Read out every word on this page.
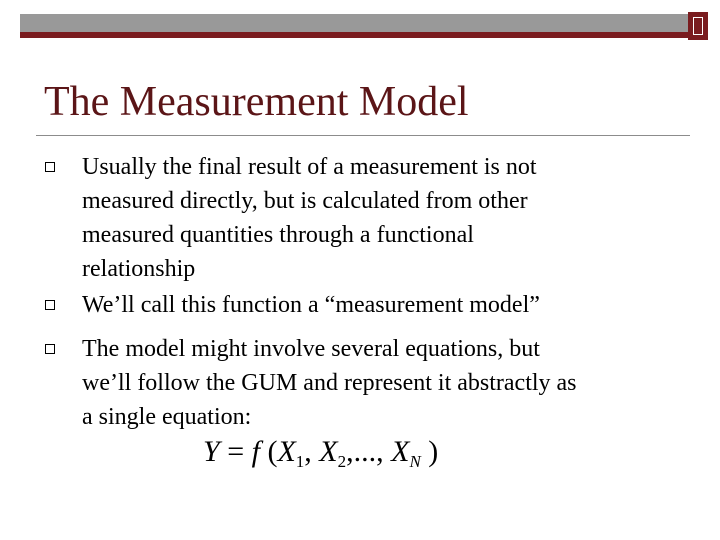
The Measurement Model
Usually the final result of a measurement is not
measured directly, but is calculated from other
measured quantities through a functional
relationship
We’ll call this function a “measurement model”
The model might involve several equations, but
we’ll follow the GUM and represent it abstractly as
a single equation:
Y = f ($X_1$, $X_2$,..., $X_N$ )
